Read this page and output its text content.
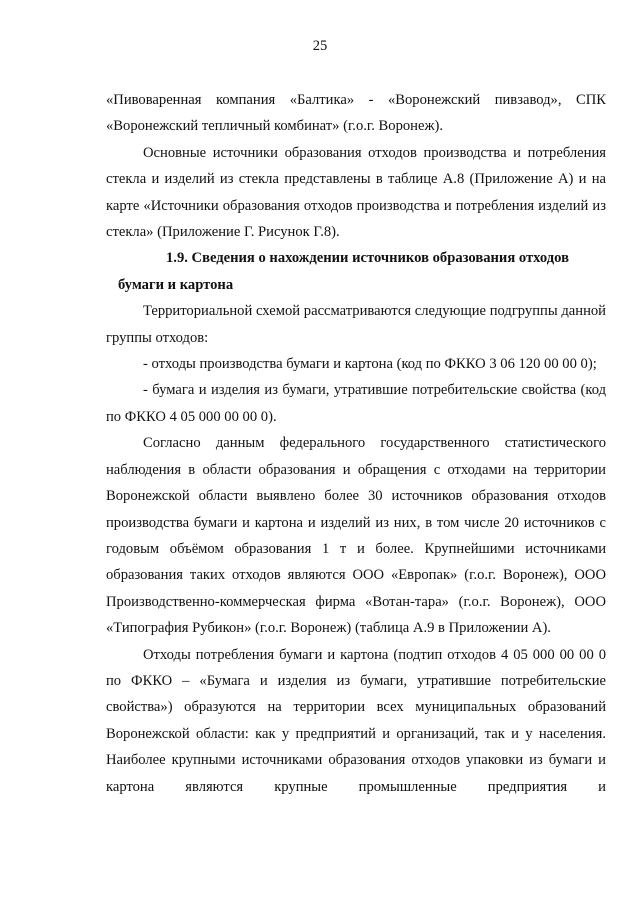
25

«Пивоваренная компания «Балтика» - «Воронежский пивзавод», СПК «Воронежский тепличный комбинат» (г.о.г. Воронеж).

Основные источники образования отходов производства и потребления стекла и изделий из стекла представлены в таблице А.8 (Приложение А) и на карте «Источники образования отходов производства и потребления изделий из стекла» (Приложение Г. Рисунок Г.8).

1.9. Сведения о нахождении источников образования отходов
бумаги и картона

Территориальной схемой рассматриваются следующие подгруппы данной группы отходов:

- отходы производства бумаги и картона (код по ФККО 3 06 120 00 00 0);

- бумага и изделия из бумаги, утратившие потребительские свойства (код по ФККО 4 05 000 00 00 0).

Согласно данным федерального государственного статистического наблюдения в области образования и обращения с отходами на территории Воронежской области выявлено более 30 источников образования отходов производства бумаги и картона и изделий из них, в том числе 20 источников с годовым объёмом образования 1 т и более. Крупнейшими источниками образования таких отходов являются ООО «Европак» (г.о.г. Воронеж), ООО Производственно-коммерческая фирма «Вотан-тара» (г.о.г. Воронеж), ООО «Типография Рубикон» (г.о.г. Воронеж) (таблица А.9 в Приложении А).

Отходы потребления бумаги и картона (подтип отходов 4 05 000 00 00 0 по ФККО – «Бумага и изделия из бумаги, утратившие потребительские свойства») образуются на территории всех муниципальных образований Воронежской области: как у предприятий и организаций, так и у населения. Наиболее крупными источниками образования отходов упаковки из бумаги и картона являются крупные промышленные предприятия и
